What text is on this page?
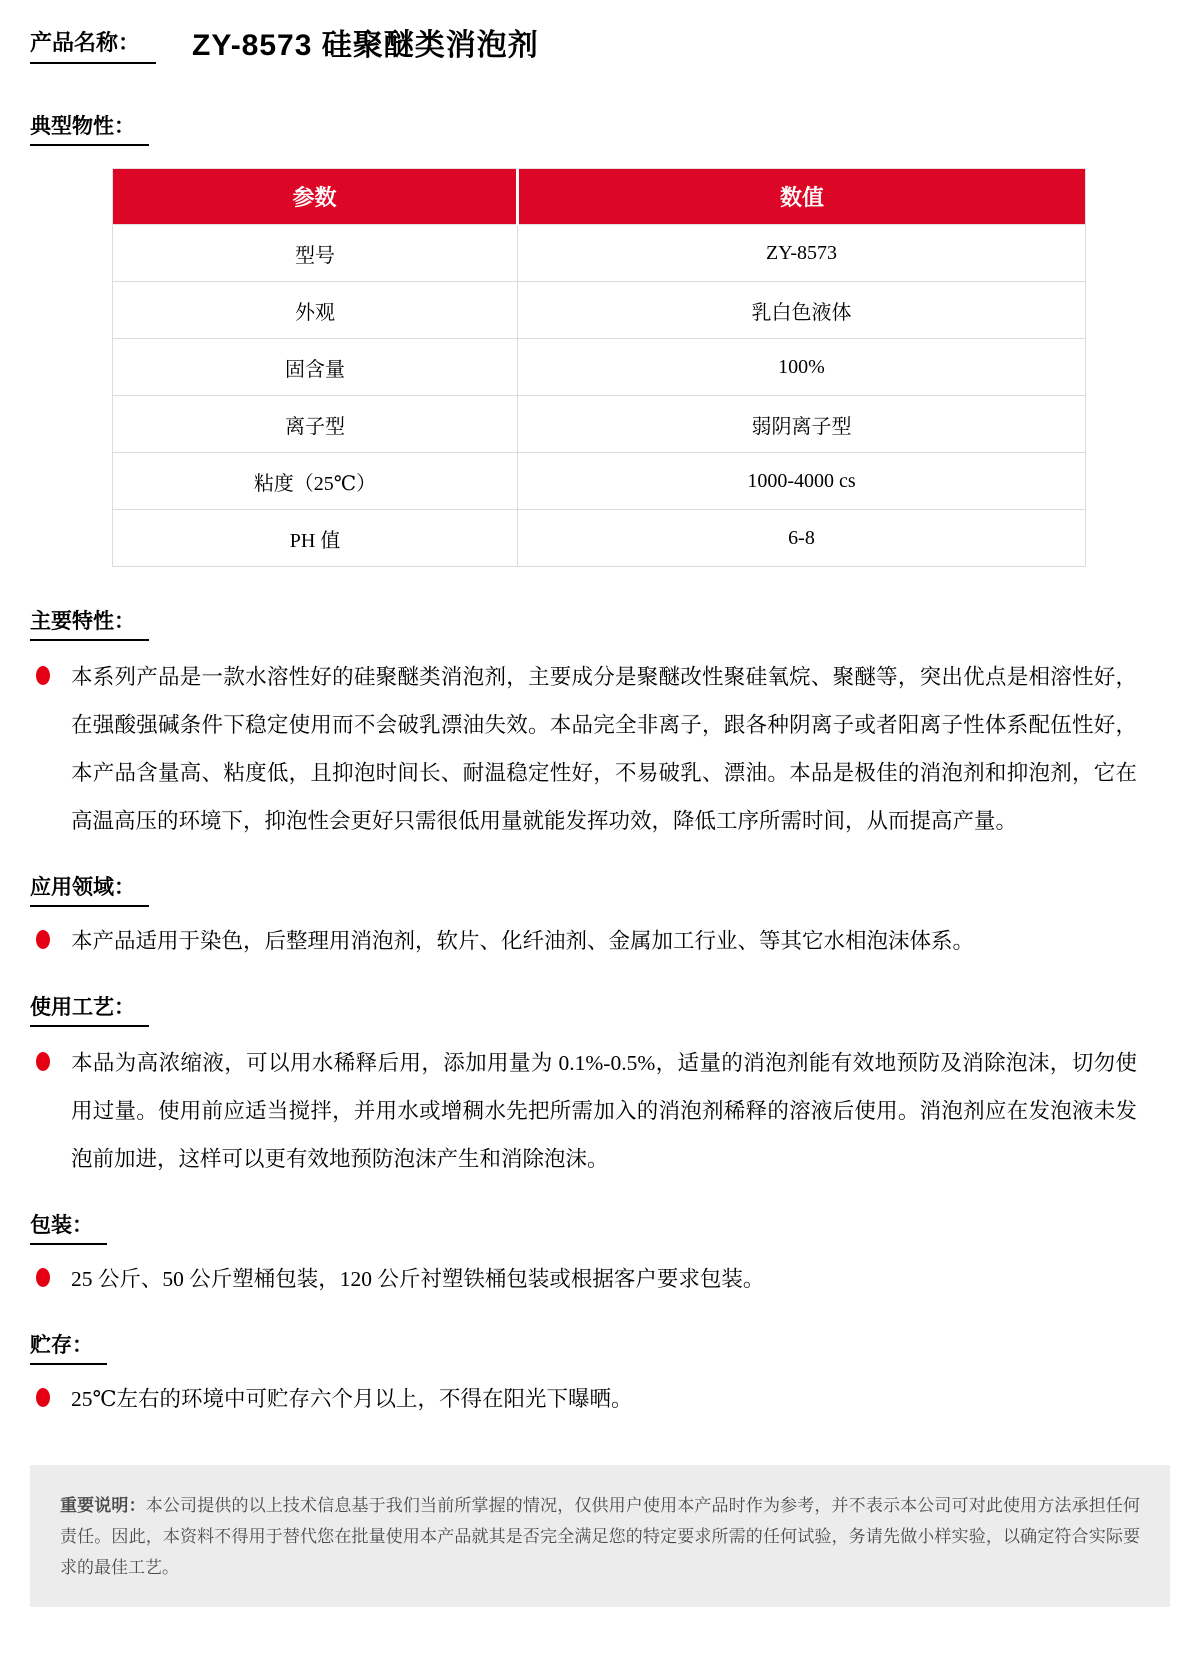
产品名称：	ZY-8573 硅聚醚类消泡剂
典型物性：
参数	数值
型号	ZY-8573
外观	乳白色液体
固含量	100%
离子型	弱阴离子型
粘度（25℃）	1000-4000 cs
PH 值	6-8
主要特性：

本系列产品是一款水溶性好的硅聚醚类消泡剂，主要成分是聚醚改性聚硅氧烷、聚醚等，突出优点是相溶性好，在强酸强碱条件下稳定使用而不会破乳漂油失效。本品完全非离子，跟各种阴离子或者阳离子性体系配伍性好，本产品含量高、粘度低，且抑泡时间长、耐温稳定性好，不易破乳、漂油。本品是极佳的消泡剂和抑泡剂，它在高温高压的环境下，抑泡性会更好只需很低用量就能发挥功效，降低工序所需时间，从而提高产量。

应用领域：

本产品适用于染色，后整理用消泡剂，软片、化纤油剂、金属加工行业、等其它水相泡沫体系。

使用工艺：

本品为高浓缩液，可以用水稀释后用，添加用量为 0.1%-0.5%，适量的消泡剂能有效地预防及消除泡沫，切勿使用过量。使用前应适当搅拌，并用水或增稠水先把所需加入的消泡剂稀释的溶液后使用。消泡剂应在发泡液未发泡前加进，这样可以更有效地预防泡沫产生和消除泡沫。

包装：

25 公斤、50 公斤塑桶包装，120 公斤衬塑铁桶包装或根据客户要求包装。

贮存：

25℃左右的环境中可贮存六个月以上，不得在阳光下曝晒。

重要说明：本公司提供的以上技术信息基于我们当前所掌握的情况，仅供用户使用本产品时作为参考，并不表示本公司可对此使用方法承担任何责任。因此，本资料不得用于替代您在批量使用本产品就其是否完全满足您的特定要求所需的任何试验，务请先做小样实验，以确定符合实际要求的最佳工艺。
